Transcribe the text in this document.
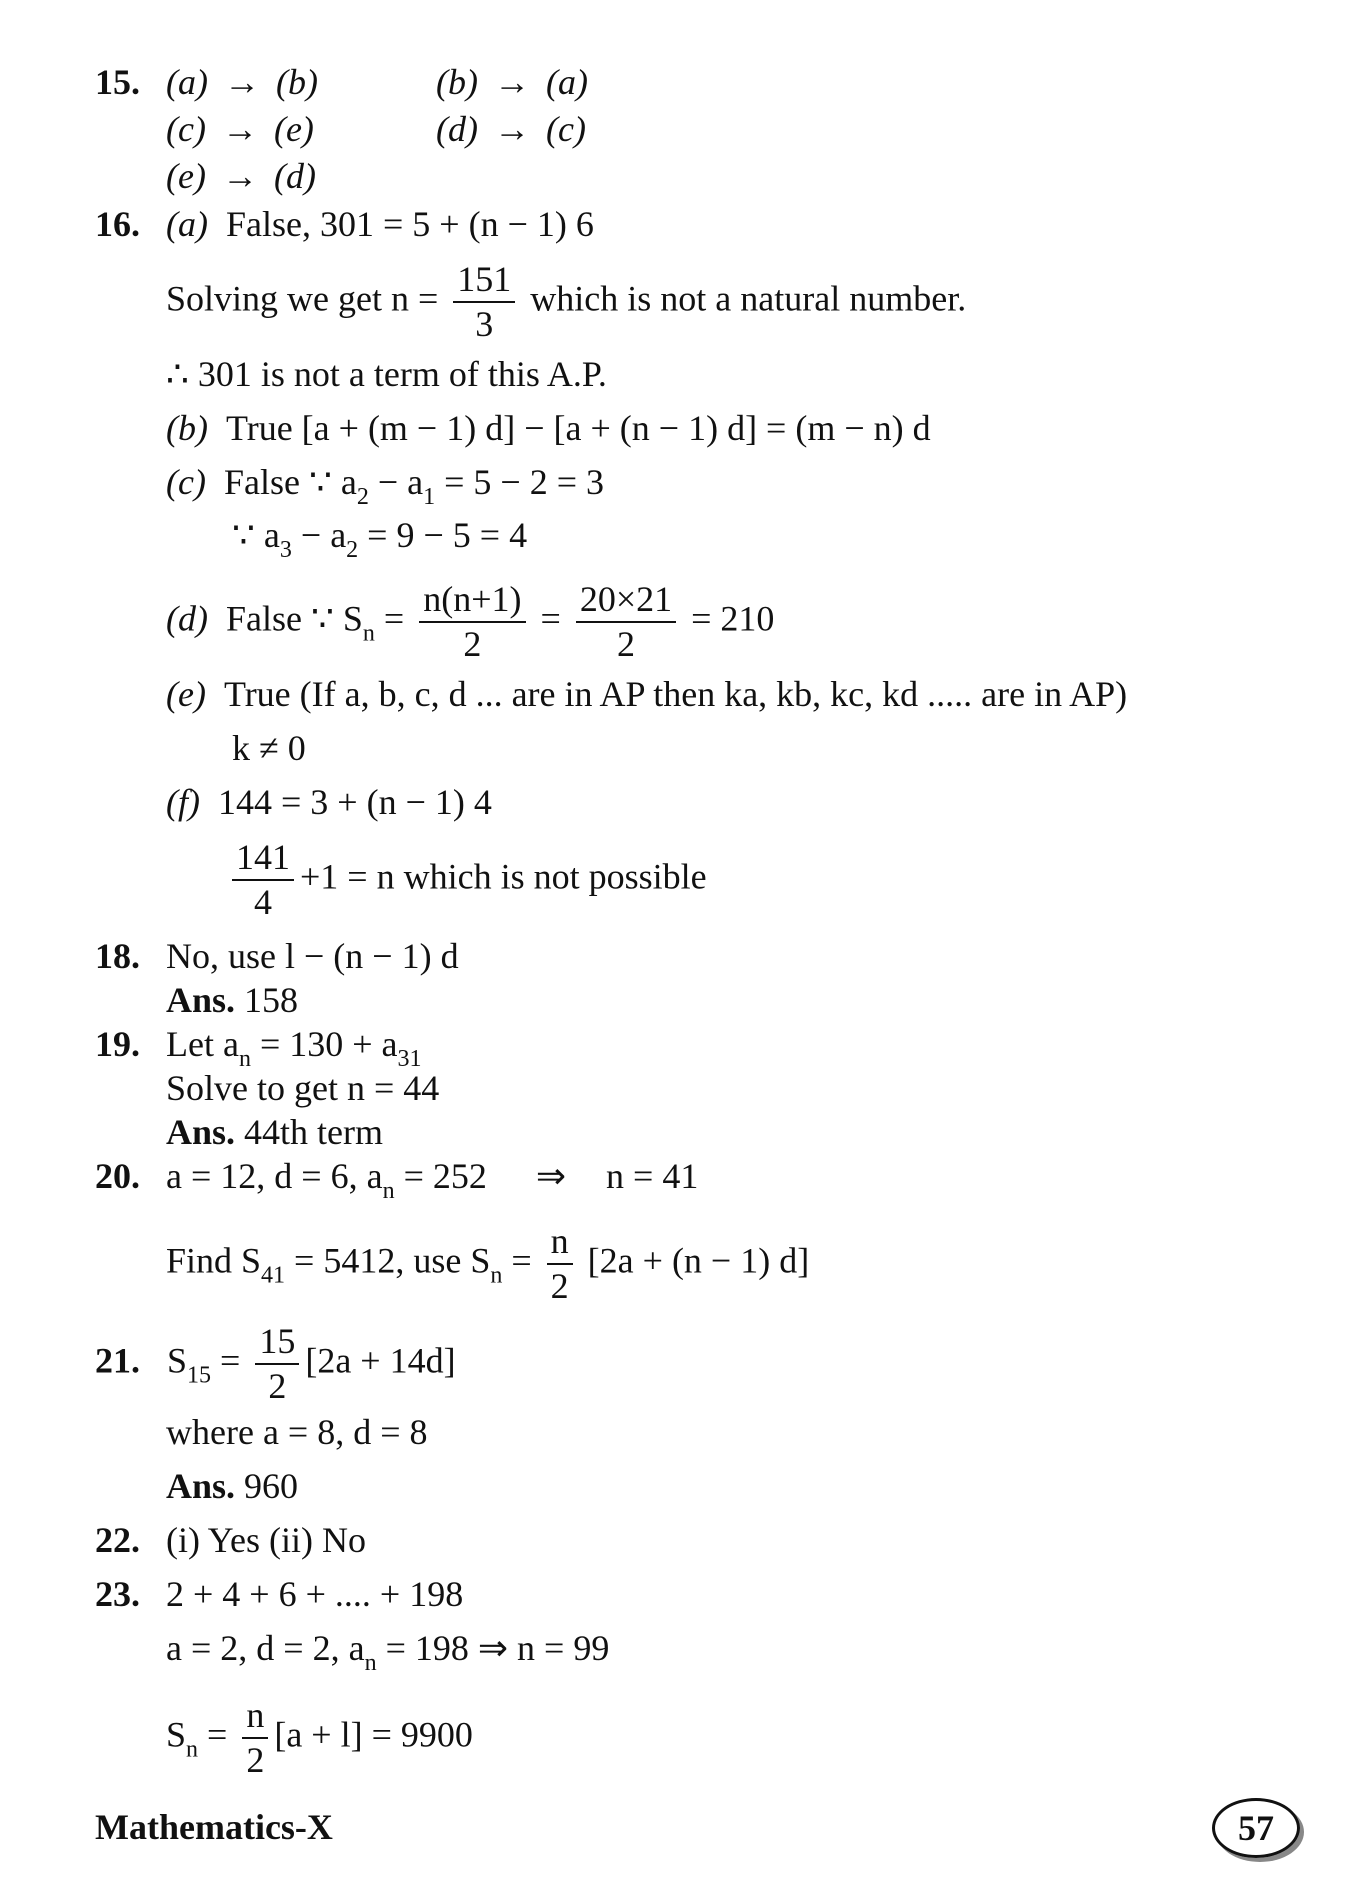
15. (a) → (b)	(b) → (a)
(c) → (e)	(d) → (c)
(e) → (d)
16. (a) False, 301 = 5 + (n − 1) 6
Solving we get $n = \frac{151}{3}$ which is not a natural number.
∴ 301 is not a term of this A.P.
(b) True [a + (m − 1) d] − [a + (n − 1) d] = (m − n) d
(c) False ∵ $a_2 - a_1 = 5 - 2 = 3$
∵ $a_3 - a_2 = 9 - 5 = 4$
(d) False ∵ $S_n = \frac{n(n+1)}{2} = \frac{20\times 21}{2} = 210$
(e) True (If a, b, c, d ... are in AP then ka, kb, kc, kd ..... are in AP)
k ≠ 0
(f) 144 = 3 + (n − 1) 4
$\frac{141}{4} +1 = n$ which is not possible
18. No, use l − (n − 1) d
Ans. 158
19. Let $a_n = 130 + a_{31}$
Solve to get n = 44
Ans. 44th term
20. a = 12, d = 6, $a_n = 252$ ⇒ n = 41
Find $S_{41} = 5412$, use $S_n = \frac{n}{2} [2a + (n - 1)$ d]
21. $S_{15} = \frac{15}{2} [2a + 14d]$
where a = 8, d = 8
Ans. 960
22. (i) Yes (ii) No
23. 2 + 4 + 6 + .... + 198
a = 2, d = 2, $a_n = 198$ ⇒ n = 99
$S_n = \frac{n}{2} [a + l] = 9900$
Mathematics-X	57
